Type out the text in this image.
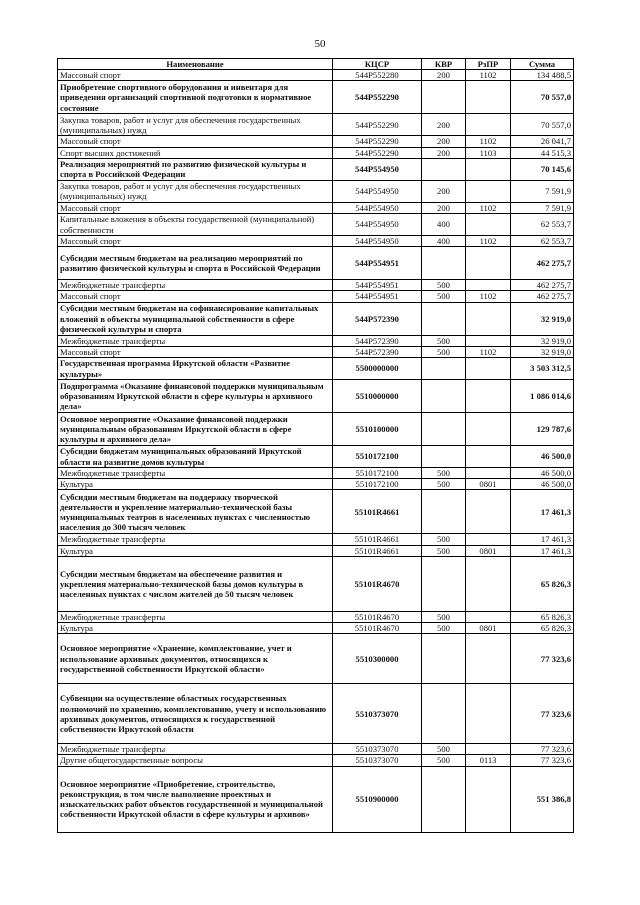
50
Наименование	КЦСР	КВР	РзПР	Сумма
Массовый спорт	544P552280	200	1102	134 488,5
Приобретение спортивного оборудования и инвентаря для приведения организаций спортивной подготовки в нормативное состояние	544P552290			70 557,0
Закупка товаров, работ и услуг для обеспечения государственных (муниципальных) нужд	544P552290	200		70 557,0
Массовый спорт	544P552290	200	1102	26 041,7
Спорт высших достижений	544P552290	200	1103	44 515,3
Реализация мероприятий по развитию физической культуры и спорта в Российской Федерации	544P554950			70 145,6
Закупка товаров, работ и услуг для обеспечения государственных (муниципальных) нужд	544P554950	200		7 591,9
Массовый спорт	544P554950	200	1102	7 591,9
Капитальные вложения в объекты государственной (муниципальной) собственности	544P554950	400		62 553,7
Массовый спорт	544P554950	400	1102	62 553,7
Субсидии местным бюджетам на реализацию мероприятий по развитию физической культуры и спорта в Российской Федерации	544P554951			462 275,7
Межбюджетные трансферты	544P554951	500		462 275,7
Массовый спорт	544P554951	500	1102	462 275,7
Субсидии местным бюджетам на софинансирование капитальных вложений в объекты муниципальной собственности в сфере физической культуры и спорта	544P572390			32 919,0
Межбюджетные трансферты	544P572390	500		32 919,0
Массовый спорт	544P572390	500	1102	32 919,0
Государственная программа Иркутской области «Развитие культуры»	5500000000			3 503 312,5
Подпрограмма «Оказание финансовой поддержки муниципальным образованиям Иркутской области в сфере культуры и архивного дела»	5510000000			1 086 014,6
Основное мероприятие «Оказание финансовой поддержки муниципальным образованиям Иркутской области в сфере культуры и архивного дела»	5510100000			129 787,6
Субсидии бюджетам муниципальных образований Иркутской области на развитие домов культуры	5510172100			46 500,0
Межбюджетные трансферты	5510172100	500		46 500,0
Культура	5510172100	500	0801	46 500,0
Субсидии местным бюджетам на поддержку творческой деятельности и укрепление материально-технической базы муниципальных театров в населенных пунктах с численностью населения до 300 тысяч человек	55101R4661			17 461,3
Межбюджетные трансферты	55101R4661	500		17 461,3
Культура	55101R4661	500	0801	17 461,3
Субсидии местным бюджетам на обеспечение развития и укрепления материально-технической базы домов культуры в населенных пунктах с числом жителей до 50 тысяч человек	55101R4670			65 826,3
Межбюджетные трансферты	55101R4670	500		65 826,3
Культура	55101R4670	500	0801	65 826,3
Основное мероприятие «Хранение, комплектование, учет и использование архивных документов, относящихся к государственной собственности Иркутской области»	5510300000			77 323,6
Субвенции на осуществление областных государственных полномочий по хранению, комплектованию, учету и использованию архивных документов, относящихся к государственной собственности Иркутской области	5510373070			77 323,6
Межбюджетные трансферты	5510373070	500		77 323,6
Другие общегосударственные вопросы	5510373070	500	0113	77 323,6
Основное мероприятие «Приобретение, строительство, реконструкция, в том числе выполнение проектных и изыскательских работ объектов государственной и муниципальной собственности Иркутской области в сфере культуры и архивов»	5510900000			551 386,8
